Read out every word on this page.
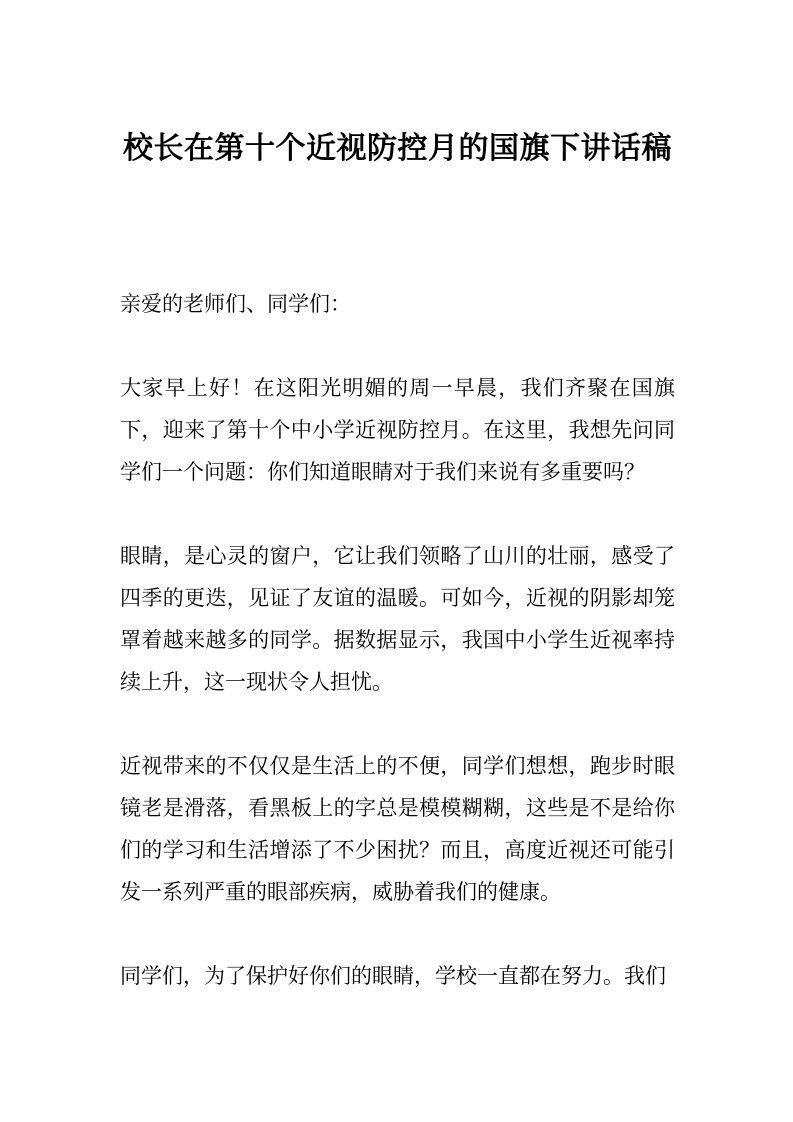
校长在第十个近视防控月的国旗下讲话稿

亲爱的老师们、同学们：

大家早上好！在这阳光明媚的周一早晨，我们齐聚在国旗下，迎来了第十个中小学近视防控月。在这里，我想先问同学们一个问题：你们知道眼睛对于我们来说有多重要吗？

眼睛，是心灵的窗户，它让我们领略了山川的壮丽，感受了四季的更迭，见证了友谊的温暖。可如今，近视的阴影却笼罩着越来越多的同学。据数据显示，我国中小学生近视率持续上升，这一现状令人担忧。

近视带来的不仅仅是生活上的不便，同学们想想，跑步时眼镜老是滑落，看黑板上的字总是模模糊糊，这些是不是给你们的学习和生活增添了不少困扰？而且，高度近视还可能引发一系列严重的眼部疾病，威胁着我们的健康。

同学们，为了保护好你们的眼睛，学校一直都在努力。我们
